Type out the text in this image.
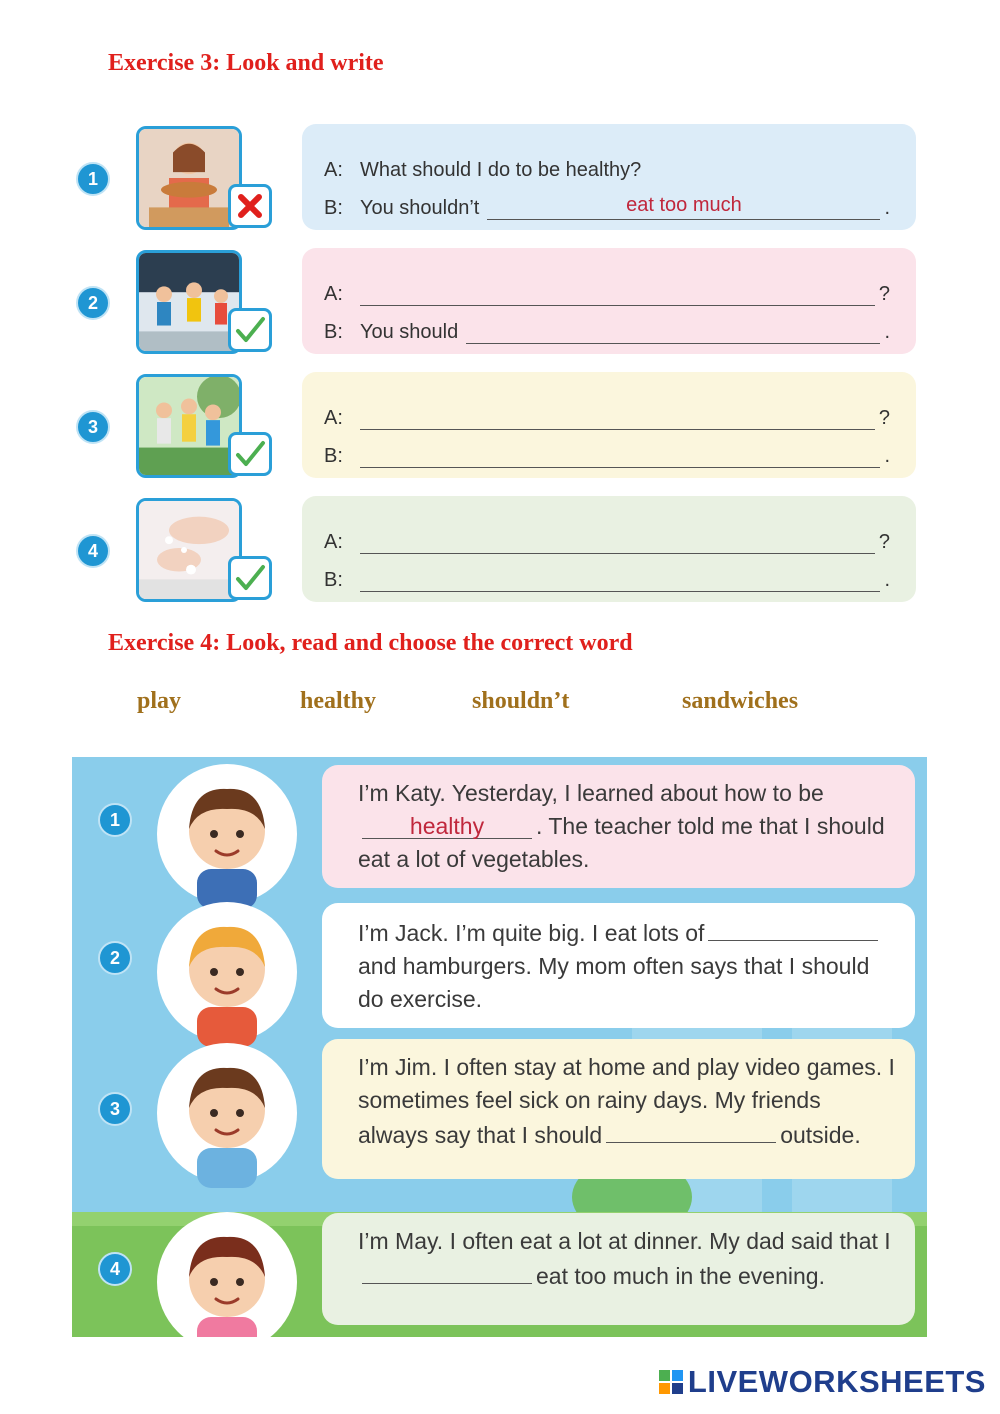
Exercise 3: Look and write
1	A: What should I do to be healthy?
B: You shouldn’t	eat too much	.
2	A:	?
B: You should	.
3	A:	?
B:	.
4	A:	?
B:	.
Exercise 4: Look, read and choose the correct word
play	healthy	shouldn’t	sandwiches
1
I’m Katy. Yesterday, I learned about how to behealthy . The teacher told me that I should eat a lot of vegetables.
2
I’m Jack. I’m quite big. I eat lots ofand hamburgers. My mom often says that I should do exercise.
3
I’m Jim. I often stay at home and play video games. I sometimes feel sick on rainy days. My friends always say that I should	outside.
4
I’m May. I often eat a lot at dinner. My dad said that Ieat too much in the evening.
LIVEWORKSHEETS
